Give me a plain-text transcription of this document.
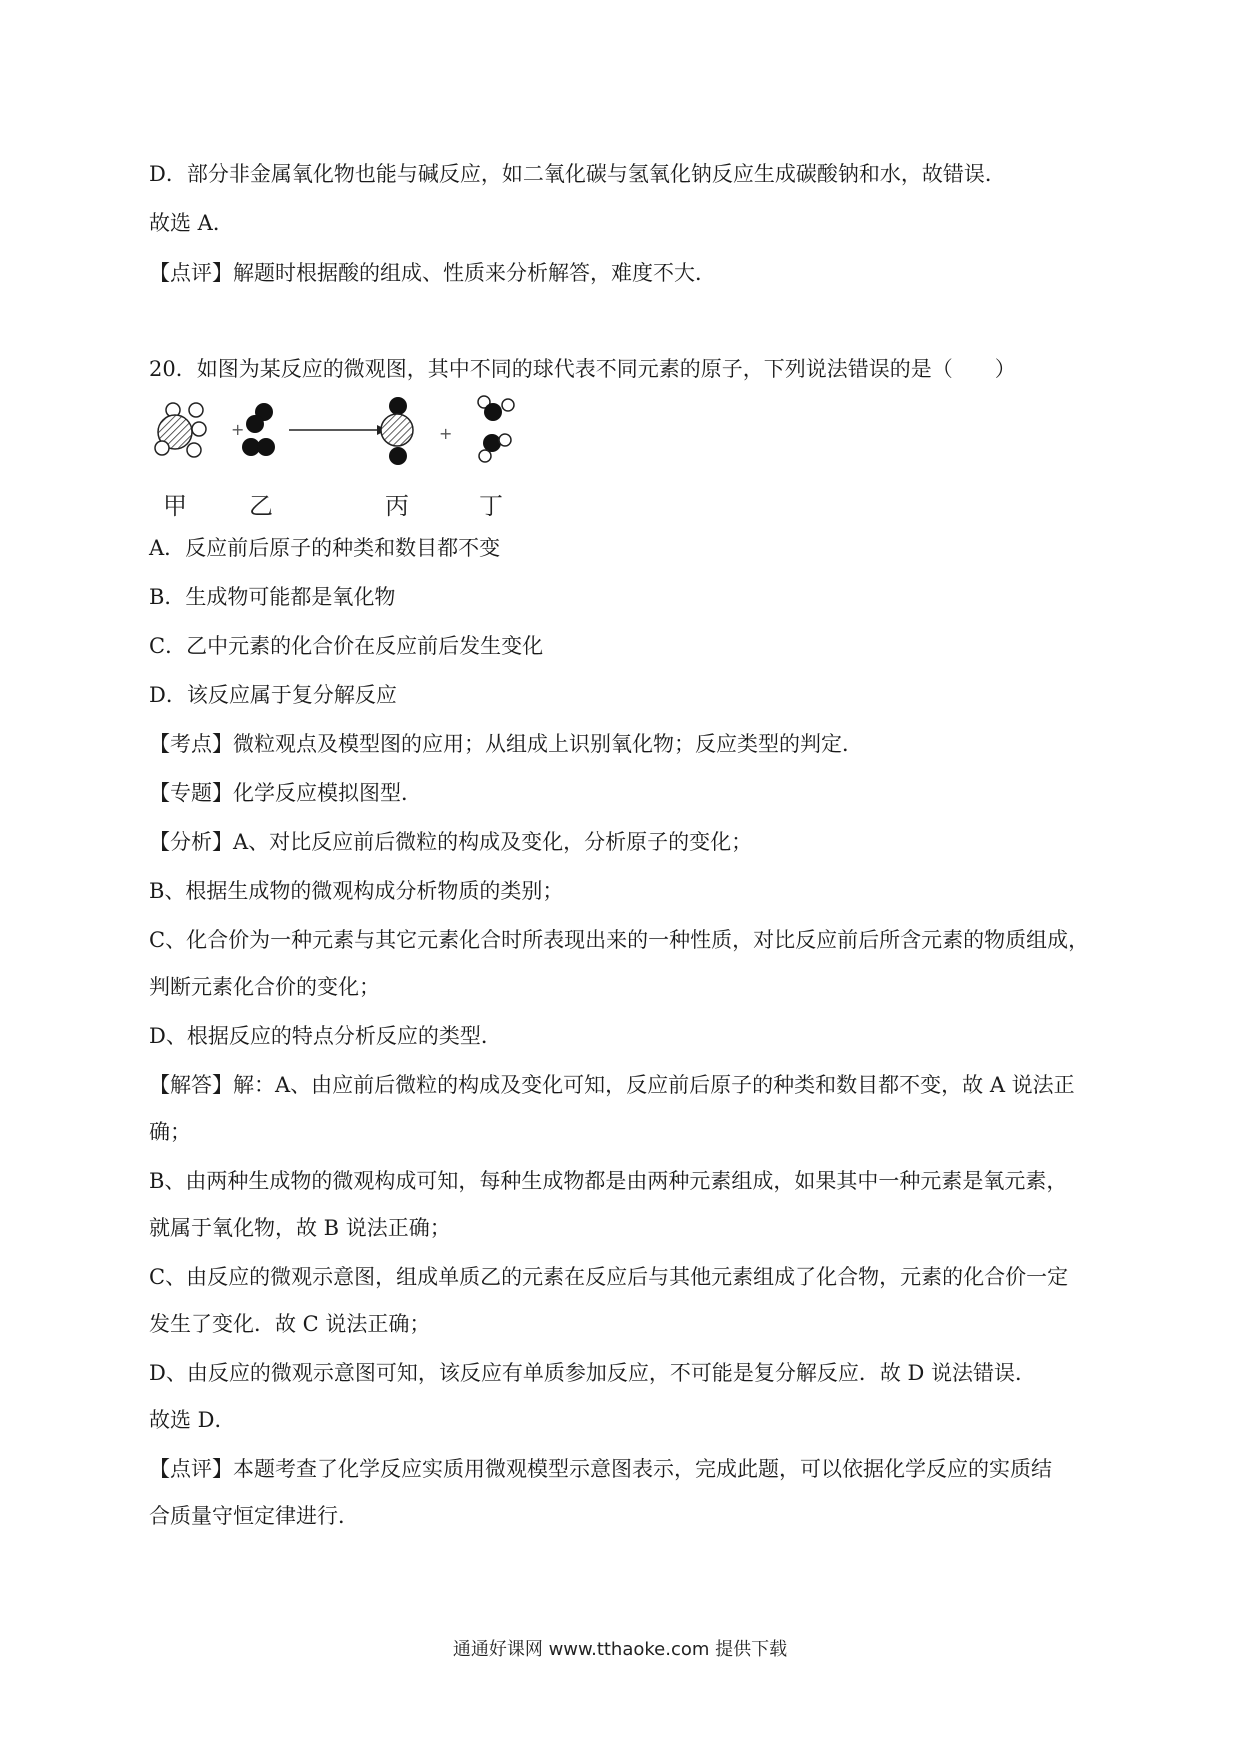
D．部分非金属氧化物也能与碱反应，如二氧化碳与氢氧化钠反应生成碳酸钠和水，故错误．

故选 A．

【点评】解题时根据酸的组成、性质来分析解答，难度不大．

20．如图为某反应的微观图，其中不同的球代表不同元素的原子，下列说法错误的是（　　）

+	+
甲	乙	丙	丁

A．反应前后原子的种类和数目都不变

B．生成物可能都是氧化物

C．乙中元素的化合价在反应前后发生变化

D．该反应属于复分解反应

【考点】微粒观点及模型图的应用；从组成上识别氧化物；反应类型的判定．

【专题】化学反应模拟图型．

【分析】A、对比反应前后微粒的构成及变化，分析原子的变化；

B、根据生成物的微观构成分析物质的类别；

C、化合价为一种元素与其它元素化合时所表现出来的一种性质，对比反应前后所含元素的物质组成，

判断元素化合价的变化；

D、根据反应的特点分析反应的类型．

【解答】解：A、由应前后微粒的构成及变化可知，反应前后原子的种类和数目都不变，故 A 说法正

确；

B、由两种生成物的微观构成可知，每种生成物都是由两种元素组成，如果其中一种元素是氧元素，

就属于氧化物，故 B 说法正确；

C、由反应的微观示意图，组成单质乙的元素在反应后与其他元素组成了化合物，元素的化合价一定

发生了变化．故 C 说法正确；

D、由反应的微观示意图可知，该反应有单质参加反应，不可能是复分解反应．故 D 说法错误．

故选 D．

【点评】本题考查了化学反应实质用微观模型示意图表示，完成此题，可以依据化学反应的实质结

合质量守恒定律进行．

通通好课网 www.tthaoke.com 提供下载
